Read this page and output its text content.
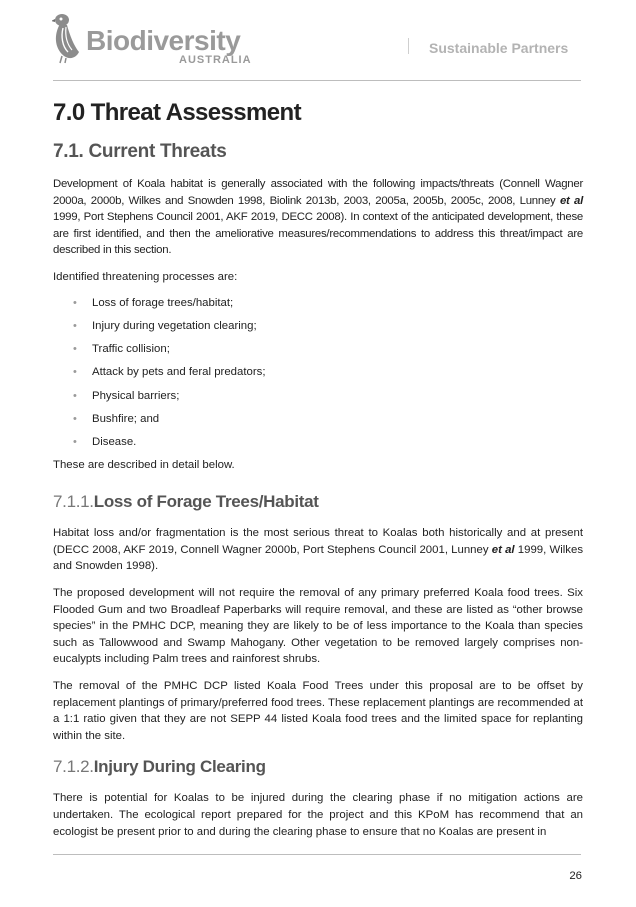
Biodiversity
AUSTRALIA
Sustainable Partners
7.0 Threat Assessment
7.1. Current Threats

Development of Koala habitat is generally associated with the following impacts/threats (Connell Wagner 2000a, 2000b, Wilkes and Snowden 1998, Biolink 2013b, 2003, 2005a, 2005b, 2005c, 2008, Lunney et al 1999, Port Stephens Council 2001, AKF 2019, DECC 2008). In context of the anticipated development, these are first identified, and then the ameliorative measures/recommendations to address this threat/impact are described in this section.

Identified threatening processes are:

• Loss of forage trees/habitat;
• Injury during vegetation clearing;
• Traffic collision;
• Attack by pets and feral predators;
• Physical barriers;
• Bushfire; and
• Disease.

These are described in detail below.

7.1.1.Loss of Forage Trees/Habitat

Habitat loss and/or fragmentation is the most serious threat to Koalas both historically and at present (DECC 2008, AKF 2019, Connell Wagner 2000b, Port Stephens Council 2001, Lunney et al 1999, Wilkes and Snowden 1998).

The proposed development will not require the removal of any primary preferred Koala food trees. Six Flooded Gum and two Broadleaf Paperbarks will require removal, and these are listed as “other browse species” in the PMHC DCP, meaning they are likely to be of less importance to the Koala than species such as Tallowwood and Swamp Mahogany. Other vegetation to be removed largely comprises non-eucalypts including Palm trees and rainforest shrubs.

The removal of the PMHC DCP listed Koala Food Trees under this proposal are to be offset by replacement plantings of primary/preferred food trees. These replacement plantings are recommended at a 1:1 ratio given that they are not SEPP 44 listed Koala food trees and the limited space for replanting within the site.

7.1.2.Injury During Clearing

There is potential for Koalas to be injured during the clearing phase if no mitigation actions are undertaken. The ecological report prepared for the project and this KPoM has recommend that an ecologist be present prior to and during the clearing phase to ensure that no Koalas are present in

26
